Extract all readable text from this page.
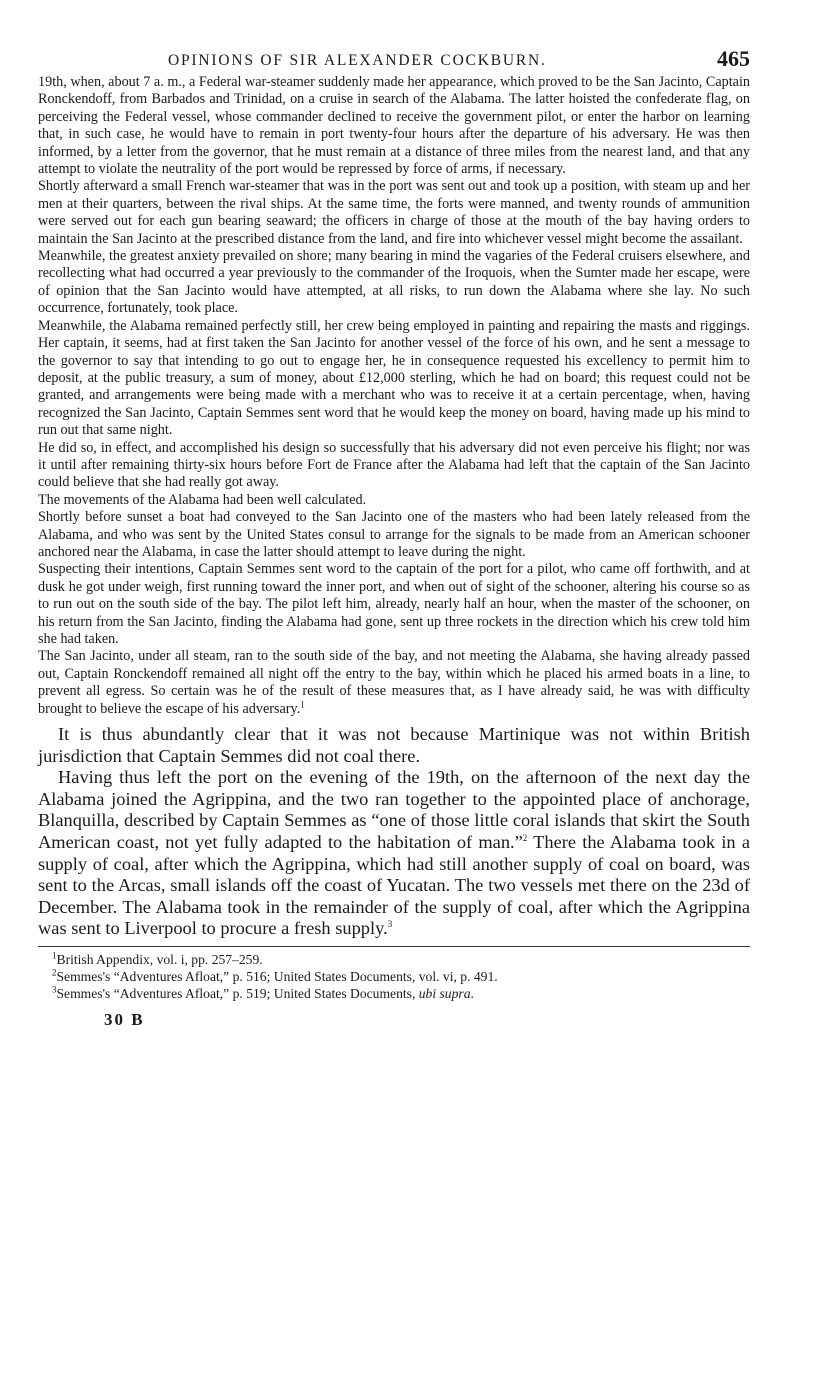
OPINIONS OF SIR ALEXANDER COCKBURN.	465

19th, when, about 7 a. m., a Federal war-steamer suddenly made her appearance, which proved to be the San Jacinto, Captain Ronckendoff, from Barbados and Trinidad, on a cruise in search of the Alabama. The latter hoisted the confederate flag, on perceiving the Federal vessel, whose commander declined to receive the government pilot, or enter the harbor on learning that, in such case, he would have to remain in port twenty-four hours after the departure of his adversary. He was then informed, by a letter from the governor, that he must remain at a distance of three miles from the nearest land, and that any attempt to violate the neutrality of the port would be repressed by force of arms, if necessary.

Shortly afterward a small French war-steamer that was in the port was sent out and took up a position, with steam up and her men at their quarters, between the rival ships. At the same time, the forts were manned, and twenty rounds of ammunition were served out for each gun bearing seaward; the officers in charge of those at the mouth of the bay having orders to maintain the San Jacinto at the prescribed distance from the land, and fire into whichever vessel might become the assailant.

Meanwhile, the greatest anxiety prevailed on shore; many bearing in mind the vagaries of the Federal cruisers elsewhere, and recollecting what had occurred a year previously to the commander of the Iroquois, when the Sumter made her escape, were of opinion that the San Jacinto would have attempted, at all risks, to run down the Alabama where she lay. No such occurrence, fortunately, took place.

Meanwhile, the Alabama remained perfectly still, her crew being employed in painting and repairing the masts and riggings. Her captain, it seems, had at first taken the San Jacinto for another vessel of the force of his own, and he sent a message to the governor to say that intending to go out to engage her, he in consequence requested his excellency to permit him to deposit, at the public treasury, a sum of money, about £12,000 sterling, which he had on board; this request could not be granted, and arrangements were being made with a merchant who was to receive it at a certain percentage, when, having recognized the San Jacinto, Captain Semmes sent word that he would keep the money on board, having made up his mind to run out that same night.

He did so, in effect, and accomplished his design so successfully that his adversary did not even perceive his flight; nor was it until after remaining thirty-six hours before Fort de France after the Alabama had left that the captain of the San Jacinto could believe that she had really got away.

The movements of the Alabama had been well calculated.

Shortly before sunset a boat had conveyed to the San Jacinto one of the masters who had been lately released from the Alabama, and who was sent by the United States consul to arrange for the signals to be made from an American schooner anchored near the Alabama, in case the latter should attempt to leave during the night.

Suspecting their intentions, Captain Semmes sent word to the captain of the port for a pilot, who came off forthwith, and at dusk he got under weigh, first running toward the inner port, and when out of sight of the schooner, altering his course so as to run out on the south side of the bay. The pilot left him, already, nearly half an hour, when the master of the schooner, on his return from the San Jacinto, finding the Alabama had gone, sent up three rockets in the direction which his crew told him she had taken.

The San Jacinto, under all steam, ran to the south side of the bay, and not meeting the Alabama, she having already passed out, Captain Ronckendoff remained all night off the entry to the bay, within which he placed his armed boats in a line, to prevent all egress. So certain was he of the result of these measures that, as I have already said, he was with difficulty brought to believe the escape of his adversary.$^1$

It is thus abundantly clear that it was not because Martinique was not within British jurisdiction that Captain Semmes did not coal there.

Having thus left the port on the evening of the 19th, on the afternoon of the next day the Alabama joined the Agrippina, and the two ran together to the appointed place of anchorage, Blanquilla, described by Captain Semmes as “one of those little coral islands that skirt the South American coast, not yet fully adapted to the habitation of man.”$^2$ There the Alabama took in a supply of coal, after which the Agrippina, which had still another supply of coal on board, was sent to the Arcas, small islands off the coast of Yucatan. The two vessels met there on the 23d of December. The Alabama took in the remainder of the supply of coal, after which the Agrippina was sent to Liverpool to procure a fresh supply.$^3$

$^1$British Appendix, vol. i, pp. 257–259.
$^2$Semmes's “Adventures Afloat,” p. 516; United States Documents, vol. vi, p. 491.
$^3$Semmes's “Adventures Afloat,” p. 519; United States Documents, ubi supra.
30 B
